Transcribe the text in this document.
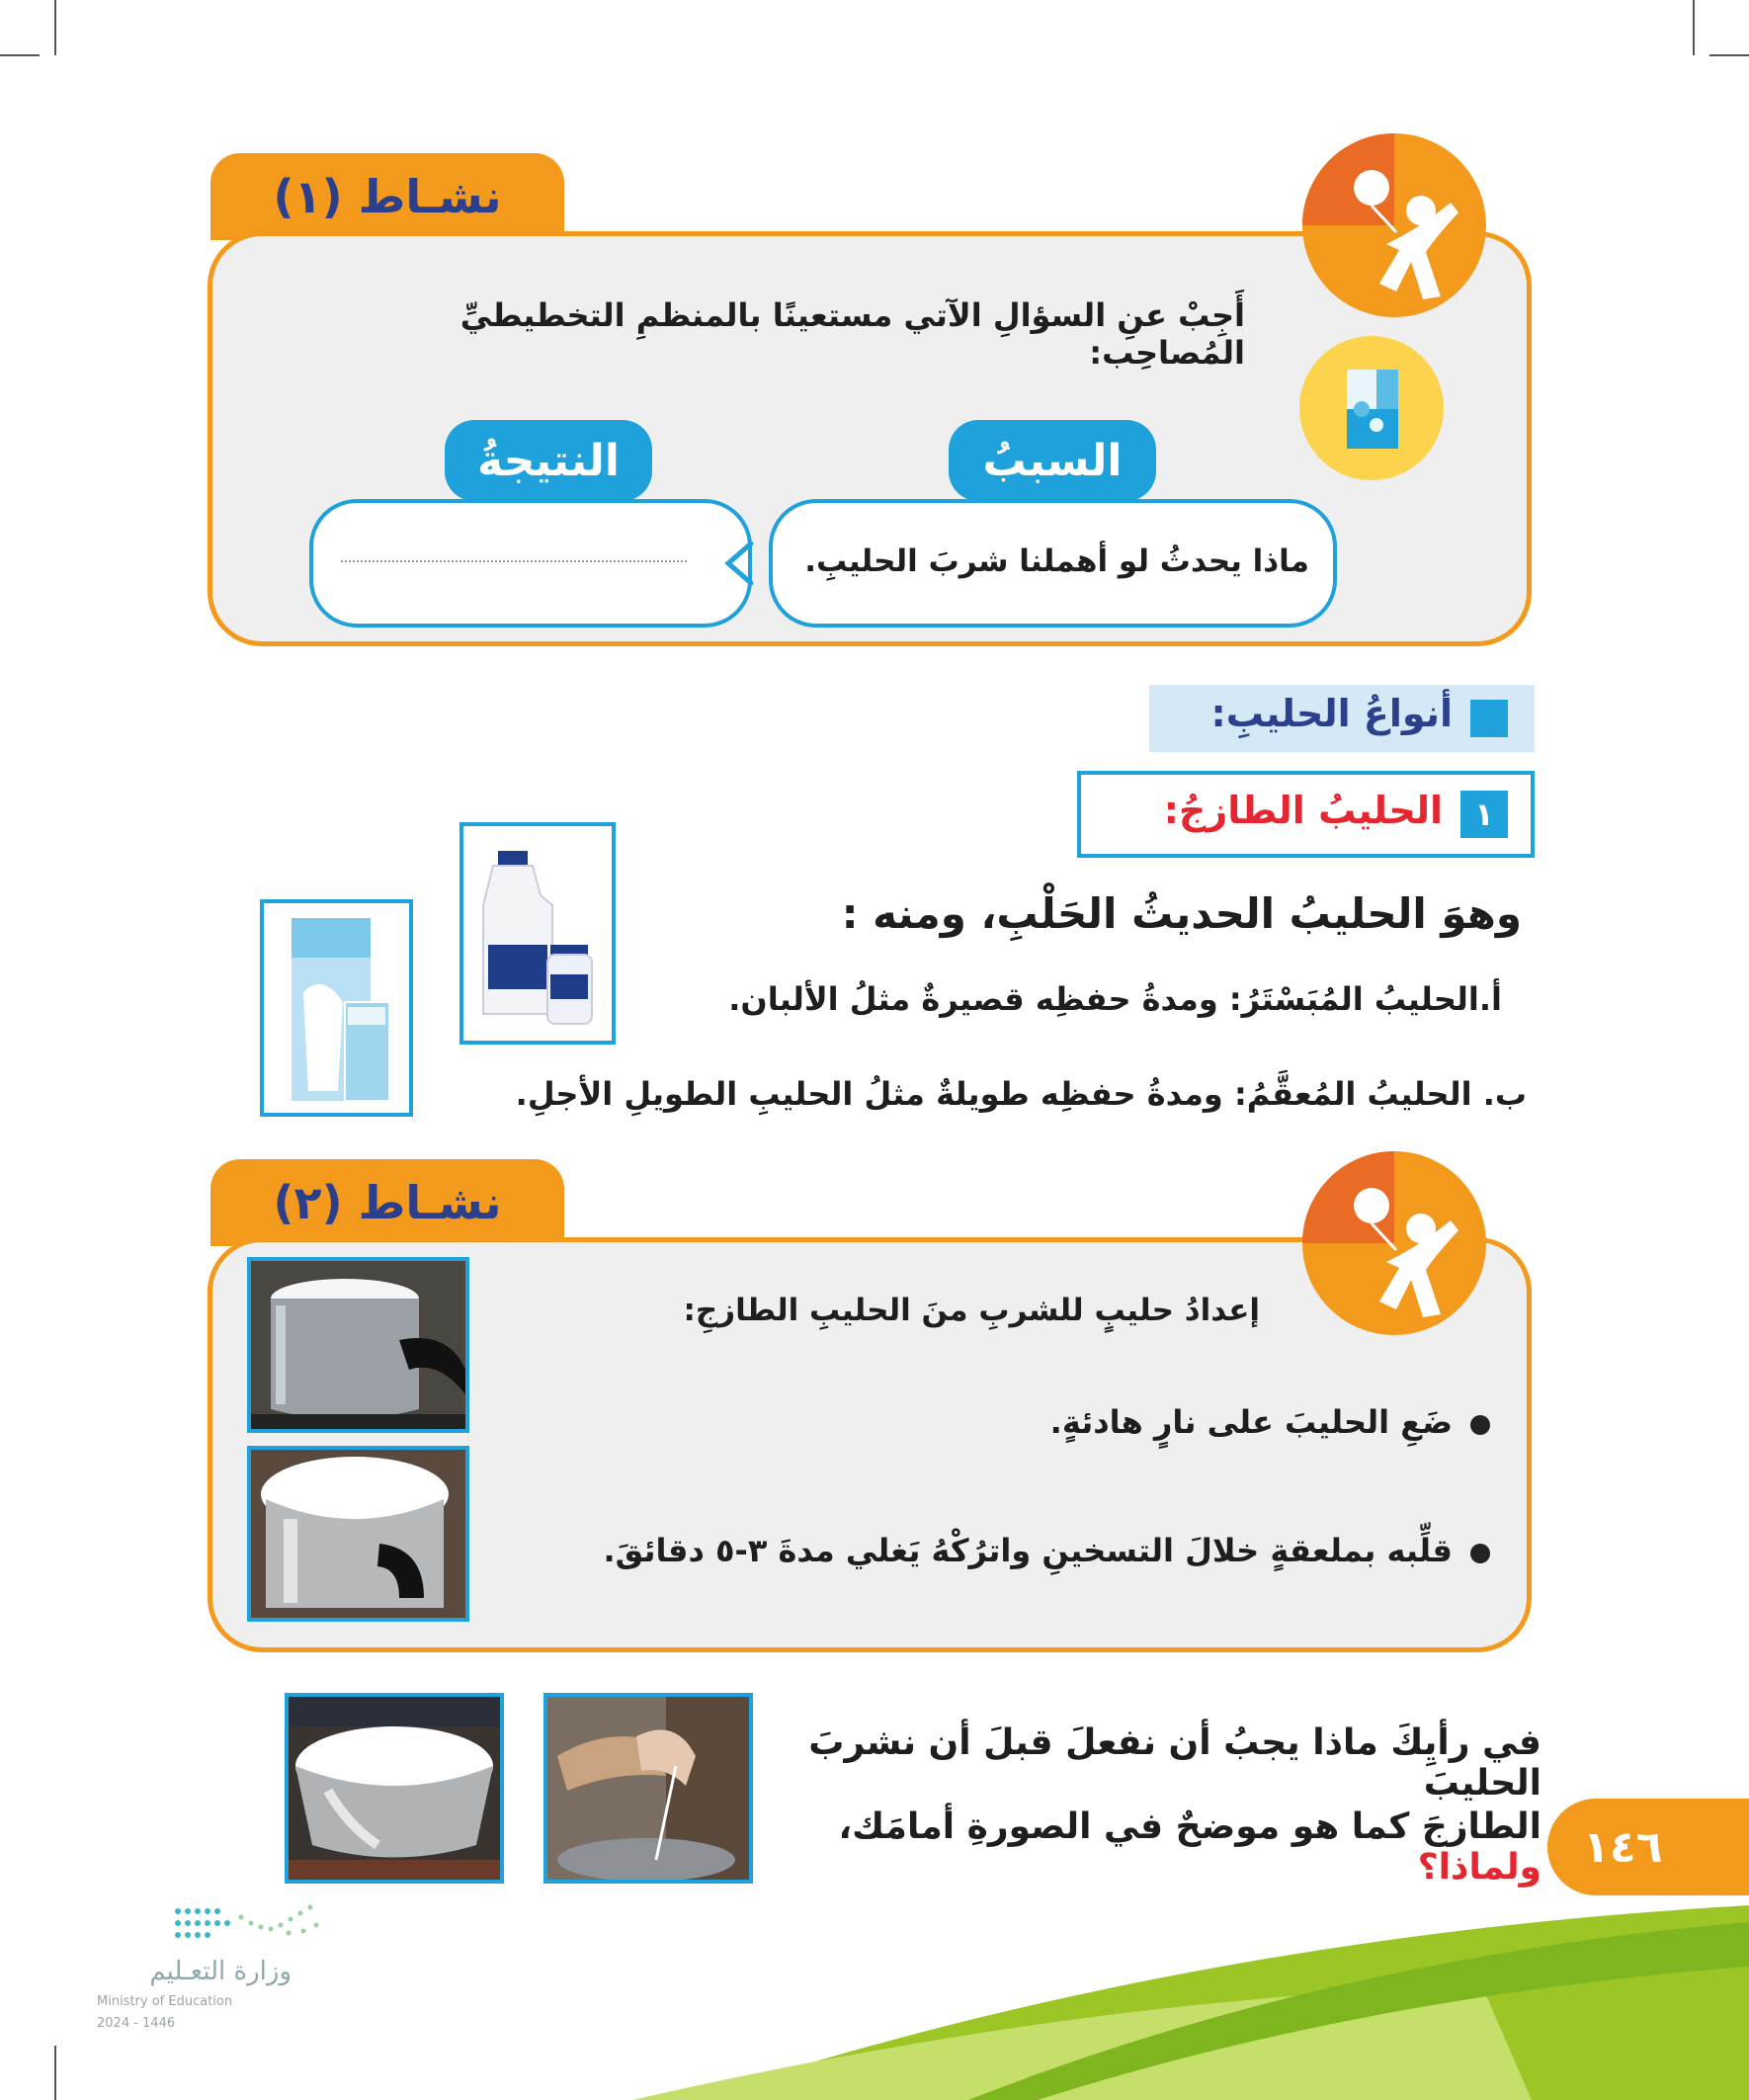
نشـاط (١)
أَجِبْ عنِ السؤالِ الآتي مستعينًا بالمنظمِ التخطيطيِّ المُصاحِب:
السببُ
النتيجةُ
ماذا يحدثُ لو أهملنا شربَ الحليبِ.
أنواعُ الحليبِ:
١
الحليبُ الطازجُ:
وهوَ الحليبُ الحديثُ الحَلْبِ، ومنه :
أ.الحليبُ المُبَسْتَرُ: ومدةُ حفظِه قصيرةٌ مثلُ الألبان.
ب. الحليبُ المُعقَّمُ: ومدةُ حفظِه طويلةٌ مثلُ الحليبِ الطويلِ الأجلِ.
نشـاط (٢)
إعدادُ حليبٍ للشربِ منَ الحليبِ الطازجِ:
ضَعِ الحليبَ على نارٍ هادئةٍ.
قلِّبه بملعقةٍ خلالَ التسخينِ واترُكْهُ يَغلي مدةَ ٣-٥ دقائقَ.
في رأيِكَ ماذا يجبُ أن نفعلَ قبلَ أن نشربَ الحليبَ
الطازجَ كما هو موضحٌ في الصورةِ أمامَك، ولماذا؟ ١٤٦
وزارة التعـليم
Ministry of Education
2024 - 1446
